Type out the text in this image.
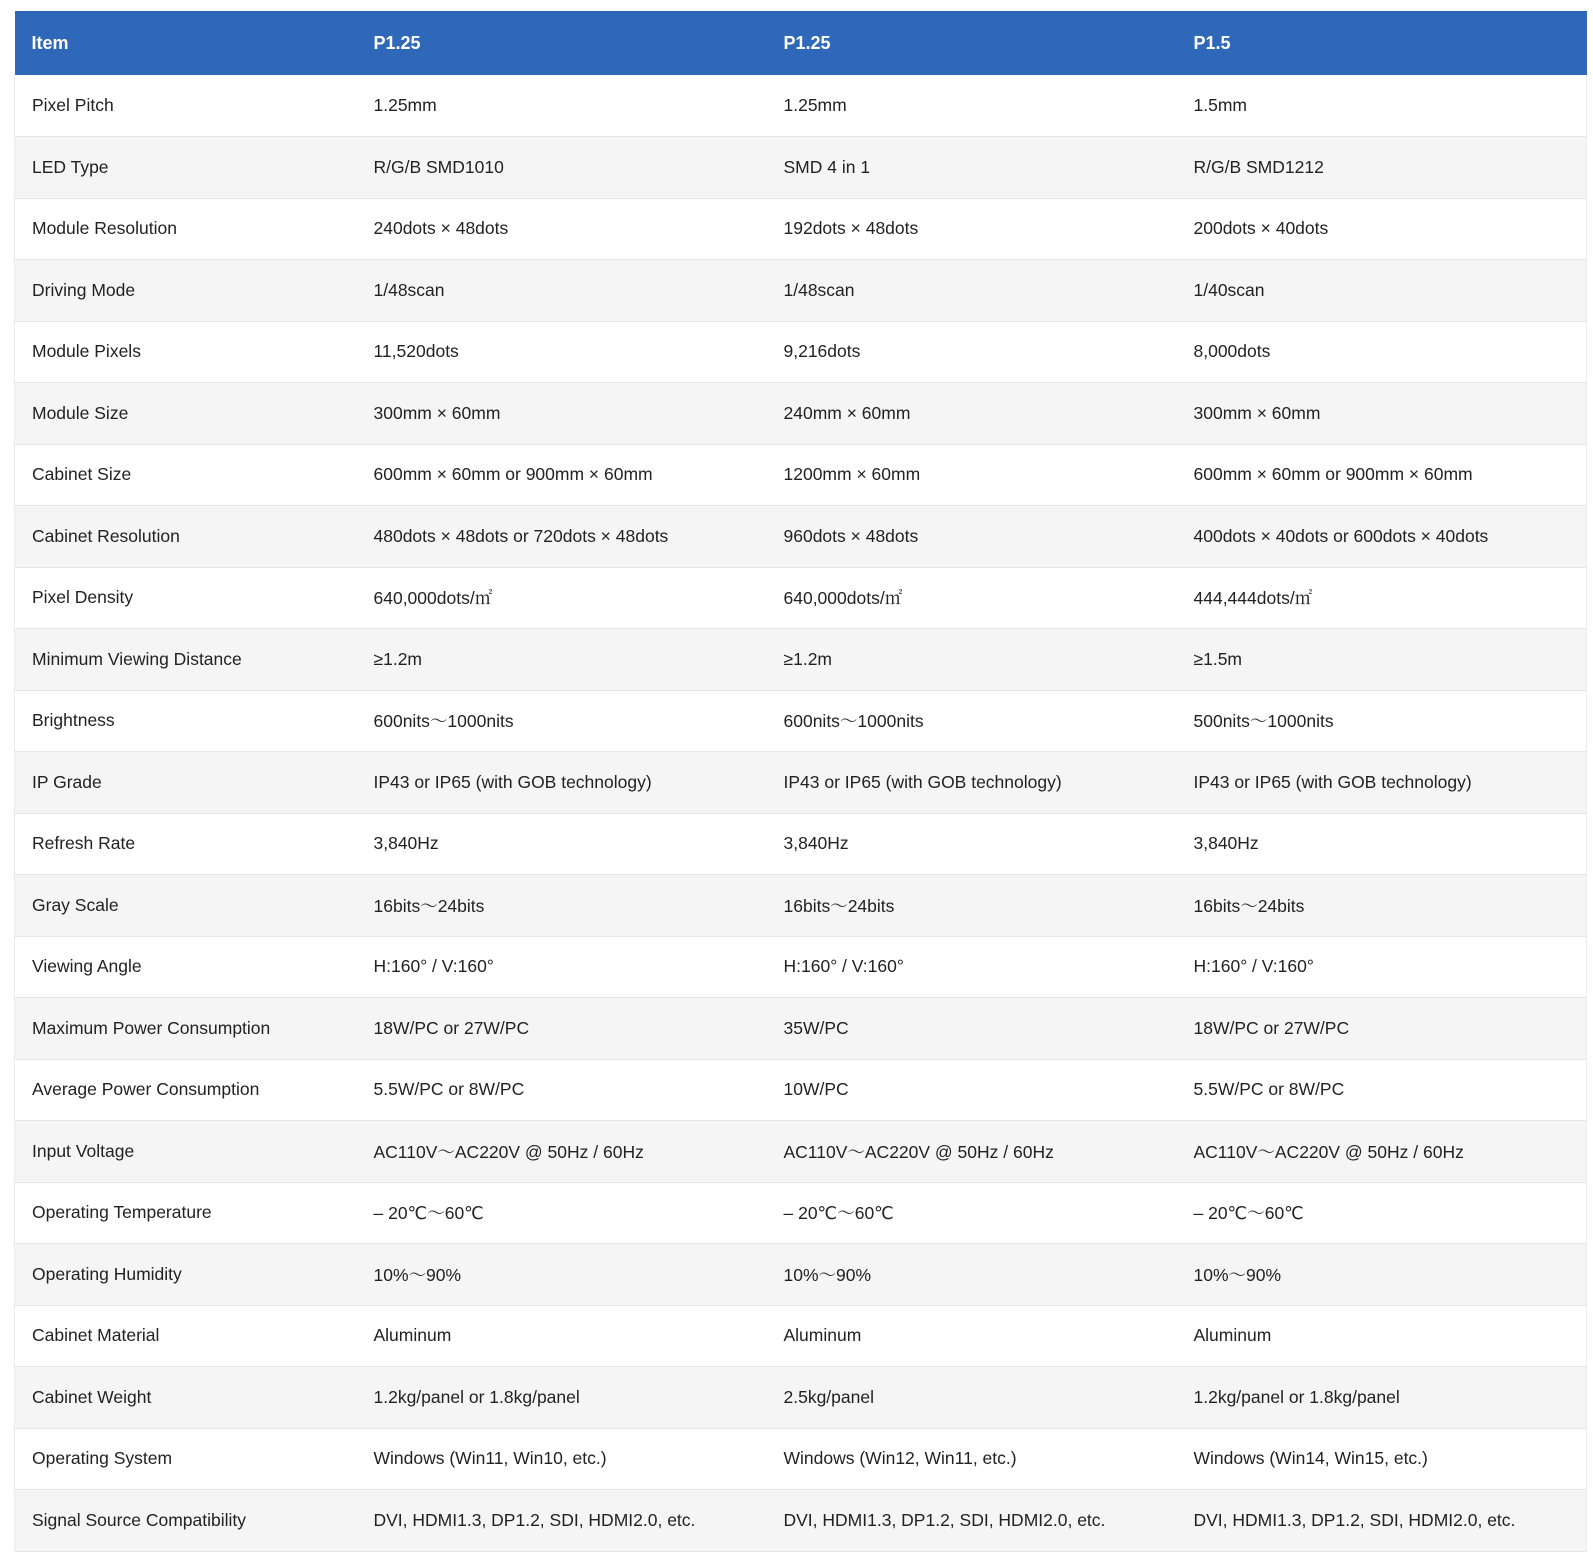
Item	P1.25	P1.25	P1.5
Pixel Pitch	1.25mm	1.25mm	1.5mm
LED Type	R/G/B SMD1010	SMD 4 in 1	R/G/B SMD1212
Module Resolution	240dots × 48dots	192dots × 48dots	200dots × 40dots
Driving Mode	1/48scan	1/48scan	1/40scan
Module Pixels	11,520dots	9,216dots	8,000dots
Module Size	300mm × 60mm	240mm × 60mm	300mm × 60mm
Cabinet Size	600mm × 60mm or 900mm × 60mm	1200mm × 60mm	600mm × 60mm or 900mm × 60mm
Cabinet Resolution	480dots × 48dots or 720dots × 48dots	960dots × 48dots	400dots × 40dots or 600dots × 40dots
Pixel Density	640,000dots/㎡	640,000dots/㎡	444,444dots/㎡
Minimum Viewing Distance	≥1.2m	≥1.2m	≥1.5m
Brightness	600nits～1000nits	600nits～1000nits	500nits～1000nits
IP Grade	IP43 or IP65 (with GOB technology)	IP43 or IP65 (with GOB technology)	IP43 or IP65 (with GOB technology)
Refresh Rate	3,840Hz	3,840Hz	3,840Hz
Gray Scale	16bits～24bits	16bits～24bits	16bits～24bits
Viewing Angle	H:160° / V:160°	H:160° / V:160°	H:160° / V:160°
Maximum Power Consumption	18W/PC or 27W/PC	35W/PC	18W/PC or 27W/PC
Average Power Consumption	5.5W/PC or 8W/PC	10W/PC	5.5W/PC or 8W/PC
Input Voltage	AC110V～AC220V @ 50Hz / 60Hz	AC110V～AC220V @ 50Hz / 60Hz	AC110V～AC220V @ 50Hz / 60Hz
Operating Temperature	– 20℃～60℃	– 20℃～60℃	– 20℃～60℃
Operating Humidity	10%～90%	10%～90%	10%～90%
Cabinet Material	Aluminum	Aluminum	Aluminum
Cabinet Weight	1.2kg/panel or 1.8kg/panel	2.5kg/panel	1.2kg/panel or 1.8kg/panel
Operating System	Windows (Win11, Win10, etc.)	Windows (Win12, Win11, etc.)	Windows (Win14, Win15, etc.)
Signal Source Compatibility	DVI, HDMI1.3, DP1.2, SDI, HDMI2.0, etc.	DVI, HDMI1.3, DP1.2, SDI, HDMI2.0, etc.	DVI, HDMI1.3, DP1.2, SDI, HDMI2.0, etc.
